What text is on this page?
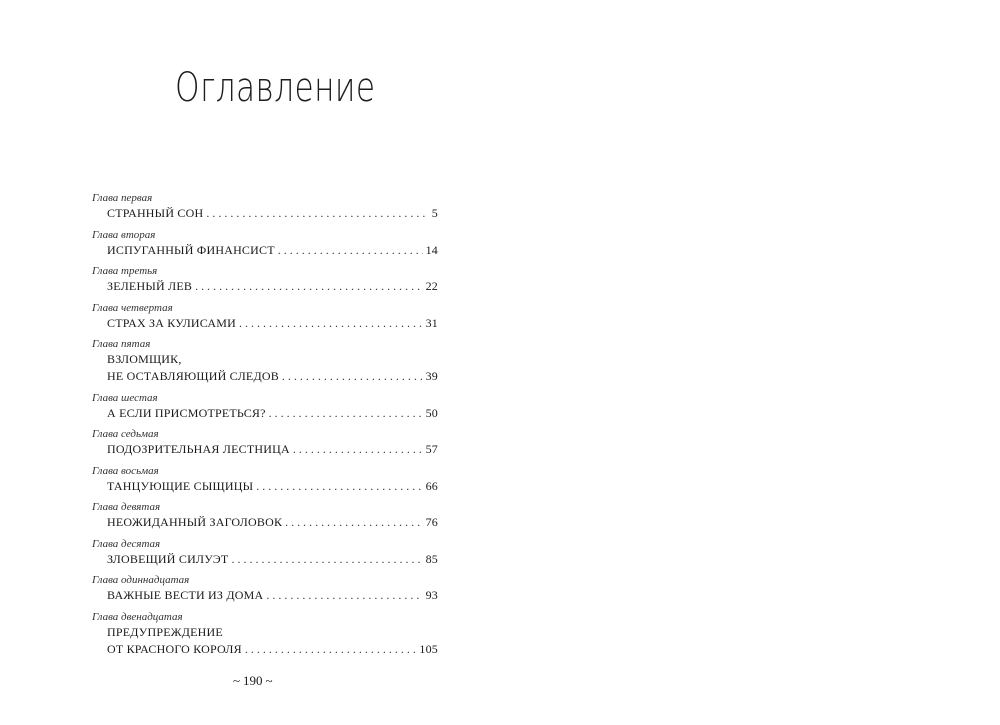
Оглавление
Глава первая
СТРАННЫЙ СОН . . .	5
Глава вторая
ИСПУГАННЫЙ ФИНАНСИСТ . . .	14
Глава третья
ЗЕЛЕНЫЙ ЛЕВ . . .	22
Глава четвертая
СТРАХ ЗА КУЛИСАМИ . . .	31
Глава пятая
ВЗЛОМЩИК,
НЕ ОСТАВЛЯЮЩИЙ СЛЕДОВ . . .	39
Глава шестая
А ЕСЛИ ПРИСМОТРЕТЬСЯ? . . .	50
Глава седьмая
ПОДОЗРИТЕЛЬНАЯ ЛЕСТНИЦА . . .	57
Глава восьмая
ТАНЦУЮЩИЕ СЫЩИЦЫ . . .	66
Глава девятая
НЕОЖИДАННЫЙ ЗАГОЛОВОК . . .	76
Глава десятая
ЗЛОВЕЩИЙ СИЛУЭТ . . .	85
Глава одиннадцатая
ВАЖНЫЕ ВЕСТИ ИЗ ДОМА . . .	93
Глава двенадцатая
ПРЕДУПРЕЖДЕНИЕ
ОТ КРАСНОГО КОРОЛЯ . . .	105
~ 190 ~
